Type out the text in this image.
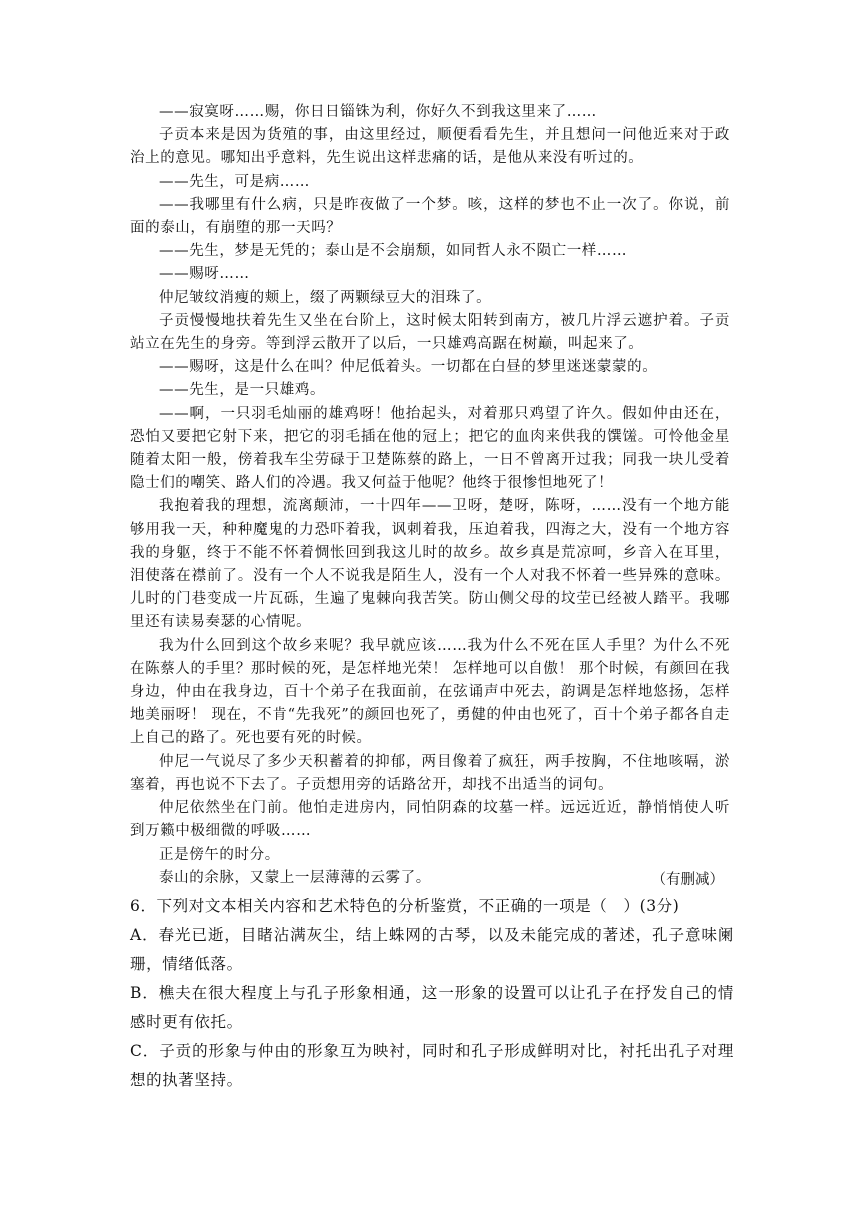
——寂寞呀……赐，你日日锱铢为利，你好久不到我这里来了……

子贡本来是因为货殖的事，由这里经过，顺便看看先生，并且想问一问他近来对于政治上的意见。哪知出乎意料，先生说出这样悲痛的话，是他从来没有听过的。

——先生，可是病……

——我哪里有什么病，只是昨夜做了一个梦。咳，这样的梦也不止一次了。你说，前面的泰山，有崩堕的那一天吗？

——先生，梦是无凭的；泰山是不会崩颓，如同哲人永不陨亡一样……

——赐呀……

仲尼皱纹消瘦的颊上，缀了两颗绿豆大的泪珠了。

子贡慢慢地扶着先生又坐在台阶上，这时候太阳转到南方，被几片浮云遮护着。子贡站立在先生的身旁。等到浮云散开了以后，一只雄鸡高踞在树巅，叫起来了。

——赐呀，这是什么在叫？仲尼低着头。一切都在白昼的梦里迷迷蒙蒙的。

——先生，是一只雄鸡。

——啊，一只羽毛灿丽的雄鸡呀！他抬起头，对着那只鸡望了许久。假如仲由还在，恐怕又要把它射下来，把它的羽毛插在他的冠上；把它的血肉来供我的馔馐。可怜他金星随着太阳一般，傍着我车尘劳碌于卫楚陈蔡的路上，一日不曾离开过我；同我一块儿受着隐士们的嘲笑、路人们的冷遇。我又何益于他呢？他终于很惨怛地死了！

我抱着我的理想，流离颠沛，一十四年——卫呀，楚呀，陈呀，……没有一个地方能够用我一天，种种魔鬼的力恐吓着我，讽刺着我，压迫着我，四海之大，没有一个地方容我的身躯，终于不能不怀着惆怅回到我这儿时的故乡。故乡真是荒凉呵，乡音入在耳里，泪使落在襟前了。没有一个人不说我是陌生人，没有一个人对我不怀着一些异殊的意味。儿时的门巷变成一片瓦砾，生遍了鬼棘向我苦笑。防山侧父母的坟茔已经被人踏平。我哪里还有读易奏瑟的心情呢。

我为什么回到这个故乡来呢？我早就应该……我为什么不死在匡人手里？为什么不死在陈蔡人的手里？那时候的死，是怎样地光荣！ 怎样地可以自傲！ 那个时候，有颜回在我身边，仲由在我身边，百十个弟子在我面前，在弦诵声中死去，韵调是怎样地悠扬，怎样地美丽呀！ 现在，不肯“先我死”的颜回也死了，勇健的仲由也死了，百十个弟子都各自走上自己的路了。死也要有死的时候。

仲尼一气说尽了多少天积蓄着的抑郁，两目像着了疯狂，两手按胸，不住地咳嗝，淤塞着，再也说不下去了。子贡想用旁的话路岔开，却找不出适当的词句。

仲尼依然坐在门前。他怕走进房内，同怕阴森的坟墓一样。远远近近，静悄悄使人听到万籁中极细微的呼吸……

正是傍午的时分。

泰山的余脉，又蒙上一层薄薄的云雾了。	（有删减）

6．下列对文本相关内容和艺术特色的分析鉴赏，不正确的一项是（　）(3分)

A．春光已逝，目睹沾满灰尘，结上蛛网的古琴，以及未能完成的著述，孔子意味阑珊，情绪低落。

B．樵夫在很大程度上与孔子形象相通，这一形象的设置可以让孔子在抒发自己的情感时更有依托。

C．子贡的形象与仲由的形象互为映衬，同时和孔子形成鲜明对比，衬托出孔子对理想的执著坚持。
